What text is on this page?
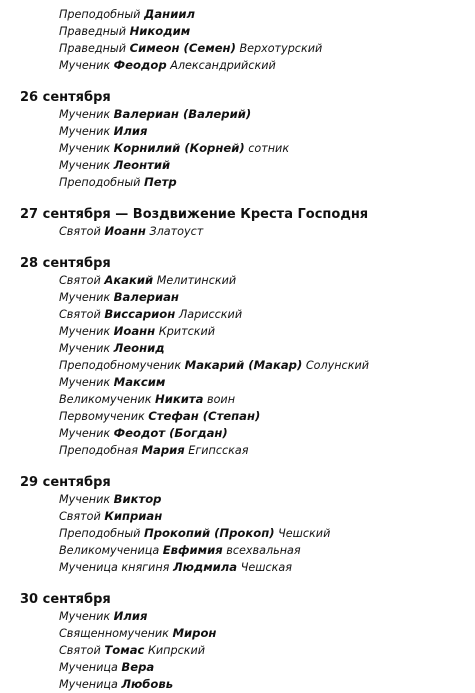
Преподобный Даниил
Праведный Никодим
Праведный Симеон (Семен) Верхотурский
Мученик Феодор Александрийский
26 сентября
Мученик Валериан (Валерий)
Мученик Илия
Мученик Корнилий (Корней) сотник
Мученик Леонтий
Преподобный Петр
27 сентября — Воздвижение Креста Господня
Святой Иоанн Златоуст
28 сентября
Святой Акакий Мелитинский
Мученик Валериан
Святой Виссарион Ларисский
Мученик Иоанн Критский
Мученик Леонид
Преподобномученик Макарий (Макар) Солунский
Мученик Максим
Великомученик Никита воин
Первомученик Стефан (Степан)
Мученик Феодот (Богдан)
Преподобная Мария Египсская
29 сентября
Мученик Виктор
Святой Киприан
Преподобный Прокопий (Прокоп) Чешский
Великомученица Евфимия всехвальная
Мученица княгиня Людмила Чешская
30 сентября
Мученик Илия
Священномученик Мирон
Святой Томас Кипрский
Мученица Вера
Мученица Любовь
